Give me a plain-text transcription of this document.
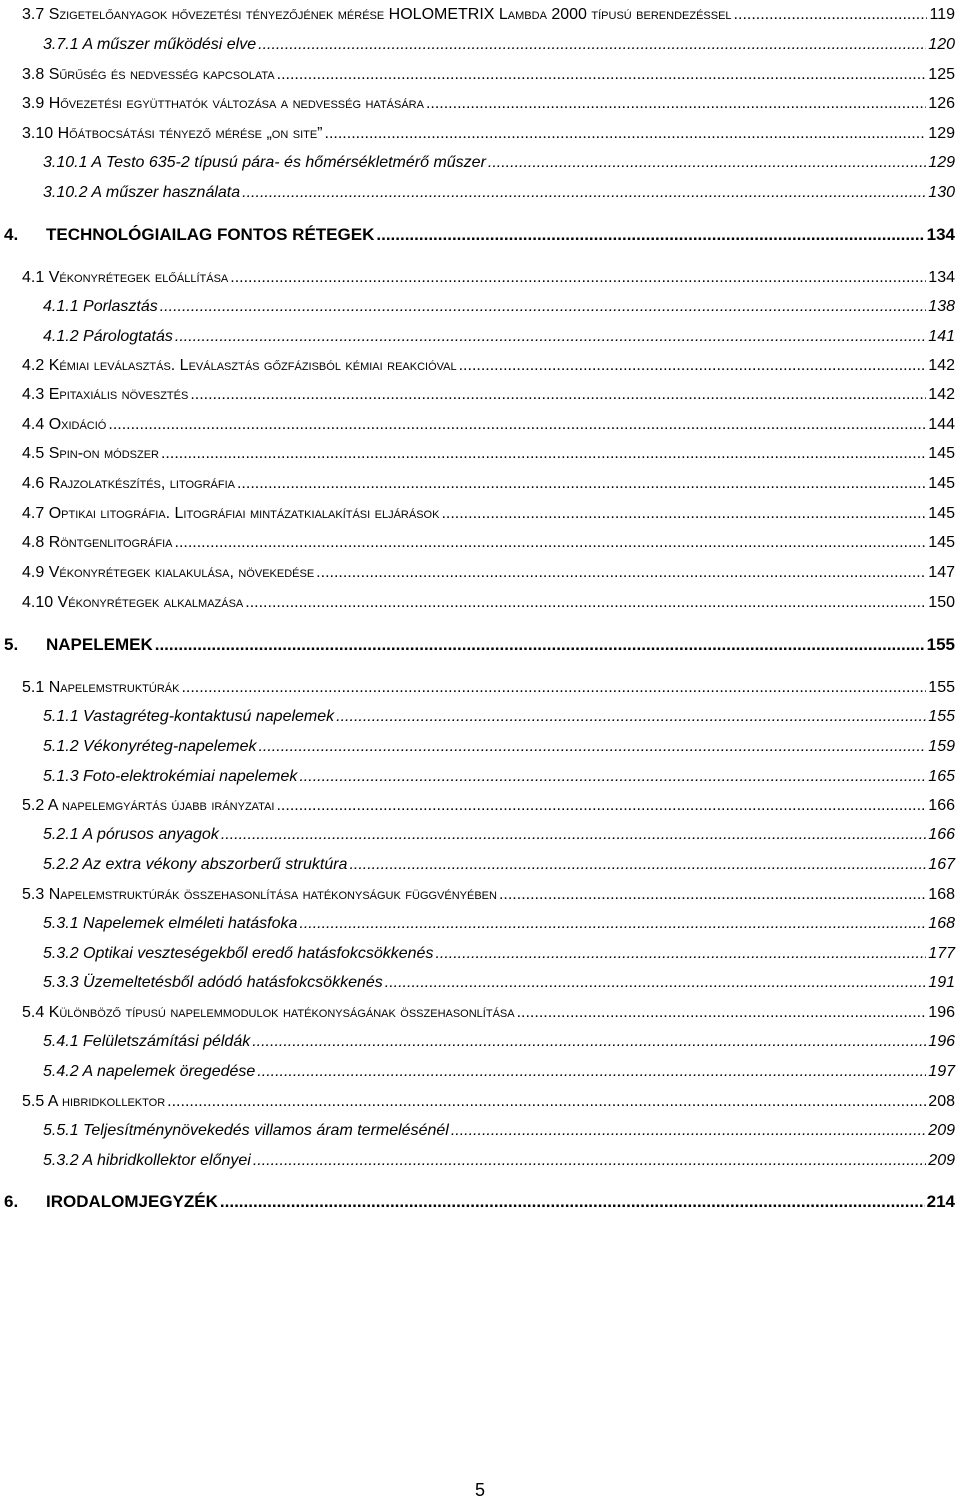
3.7 Szigetelőanyagok hővezetési tényezőjének mérése HOLOMETRIX Lambda 2000 típusú berendezéssel .....	119
3.7.1 A műszer működési elve .....	120
3.8 Sűrűség és nedvesség kapcsolata .....	125
3.9 Hővezetési együtthatók változása a nedvesség hatására .....	126
3.10 Hőátbocsátási tényező mérése „on site” .....	129
3.10.1 A Testo 635-2 típusú pára- és hőmérsékletmérő műszer .....	129
3.10.2 A műszer használata .....	130
4. TECHNOLÓGIAILAG FONTOS RÉTEGEK .....	134
4.1 Vékonyrétegek előállítása .....	134
4.1.1 Porlasztás .....	138
4.1.2 Párologtatás .....	141
4.2 Kémiai leválasztás. Leválasztás gőzfázisból kémiai reakcióval .....	142
4.3 Epitaxiális növesztés .....	142
4.4 Oxidáció .....	144
4.5 Spin-on módszer .....	145
4.6 Rajzolatkészítés, litográfia .....	145
4.7 Optikai litográfia. Litográfiai mintázatkialakítási eljárások .....	145
4.8 Röntgenlitográfia .....	145
4.9 Vékonyrétegek kialakulása, növekedése .....	147
4.10 Vékonyrétegek alkalmazása .....	150
5. NAPELEMEK .....	155
5.1 Napelemstruktúrák .....	155
5.1.1 Vastagréteg-kontaktusú napelemek .....	155
5.1.2 Vékonyréteg-napelemek .....	159
5.1.3 Foto-elektrokémiai napelemek .....	165
5.2 A napelemgyártás újabb irányzatai .....	166
5.2.1 A pórusos anyagok .....	166
5.2.2 Az extra vékony abszorberű struktúra .....	167
5.3 Napelemstruktúrák összehasonlítása hatékonyságuk függvényében .....	168
5.3.1 Napelemek elméleti hatásfoka .....	168
5.3.2 Optikai veszteségekből eredő hatásfokcsökkenés .....	177
5.3.3 Üzemeltetésből adódó hatásfokcsökkenés .....	191
5.4 Különböző típusú napelemmodulok hatékonyságának összehasonlítása .....	196
5.4.1 Felületszámítási példák .....	196
5.4.2 A napelemek öregedése .....	197
5.5 A hibridkollektor .....	208
5.5.1 Teljesítménynövekedés villamos áram termelésénél .....	209
5.3.2 A hibridkollektor előnyei .....	209
6. IRODALOMJEGYZÉK .....	214
5
